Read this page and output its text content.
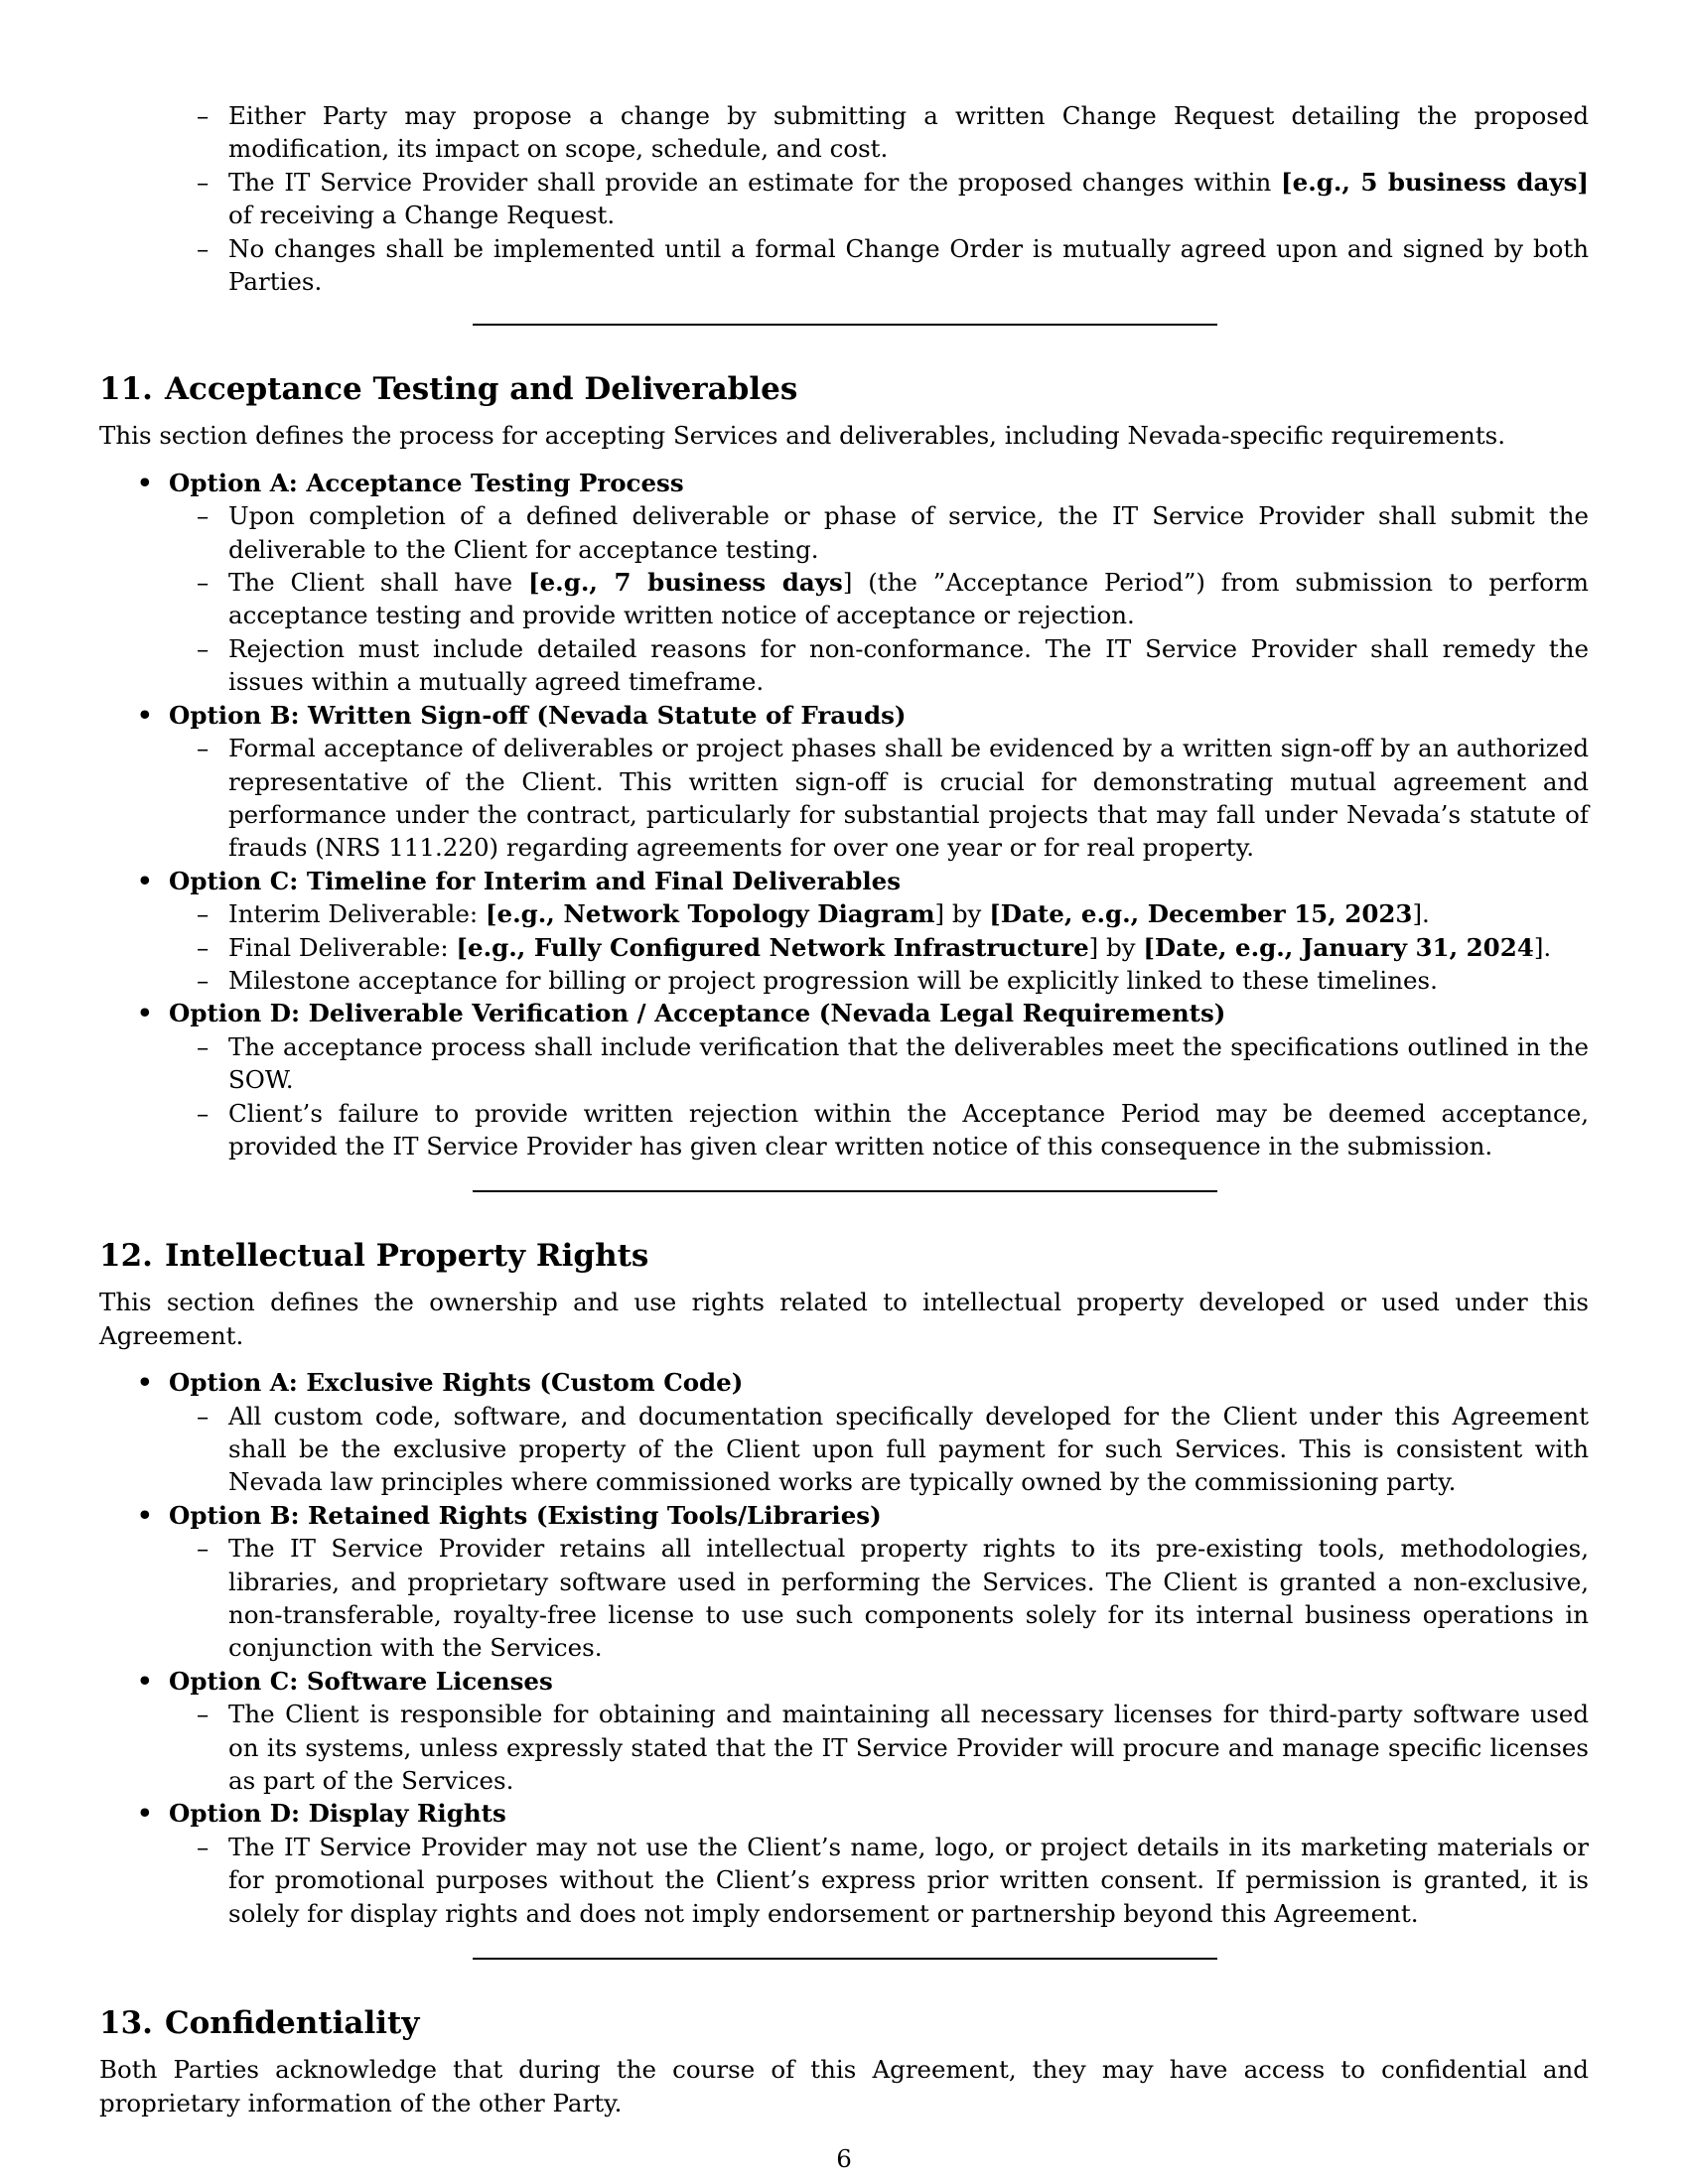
– Either Party may propose a change by submitting a written Change Request detailing the proposed modification, its impact on scope, schedule, and cost.
– The IT Service Provider shall provide an estimate for the proposed changes within [e.g., 5 business days] of receiving a Change Request.
– No changes shall be implemented until a formal Change Order is mutually agreed upon and signed by both Parties.
11. Acceptance Testing and Deliverables
This section defines the process for accepting Services and deliverables, including Nevada-specific requirements.
• Option A: Acceptance Testing Process
– Upon completion of a defined deliverable or phase of service, the IT Service Provider shall submit the deliverable to the Client for acceptance testing.
– The Client shall have [e.g., 7 business days] (the ”Acceptance Period”) from submission to perform acceptance testing and provide written notice of acceptance or rejection.
– Rejection must include detailed reasons for non-conformance. The IT Service Provider shall remedy the issues within a mutually agreed timeframe.
• Option B: Written Sign-off (Nevada Statute of Frauds)
– Formal acceptance of deliverables or project phases shall be evidenced by a written sign-off by an authorized representative of the Client. This written sign-off is crucial for demonstrating mutual agreement and performance under the contract, particularly for substantial projects that may fall under Nevada’s statute of frauds (NRS 111.220) regarding agreements for over one year or for real property.
• Option C: Timeline for Interim and Final Deliverables
– Interim Deliverable: [e.g., Network Topology Diagram] by [Date, e.g., December 15, 2023].
– Final Deliverable: [e.g., Fully Configured Network Infrastructure] by [Date, e.g., January 31, 2024].
– Milestone acceptance for billing or project progression will be explicitly linked to these timelines.
• Option D: Deliverable Verification / Acceptance (Nevada Legal Requirements)
– The acceptance process shall include verification that the deliverables meet the specifications outlined in the SOW.
– Client’s failure to provide written rejection within the Acceptance Period may be deemed acceptance, provided the IT Service Provider has given clear written notice of this consequence in the submission.
12. Intellectual Property Rights
This section defines the ownership and use rights related to intellectual property developed or used under this Agreement.
• Option A: Exclusive Rights (Custom Code)
– All custom code, software, and documentation specifically developed for the Client under this Agreement shall be the exclusive property of the Client upon full payment for such Services. This is consistent with Nevada law principles where commissioned works are typically owned by the commissioning party.
• Option B: Retained Rights (Existing Tools/Libraries)
– The IT Service Provider retains all intellectual property rights to its pre-existing tools, methodologies, libraries, and proprietary software used in performing the Services. The Client is granted a non-exclusive, non-transferable, royalty-free license to use such components solely for its internal business operations in conjunction with the Services.
• Option C: Software Licenses
– The Client is responsible for obtaining and maintaining all necessary licenses for third-party software used on its systems, unless expressly stated that the IT Service Provider will procure and manage specific licenses as part of the Services.
• Option D: Display Rights
– The IT Service Provider may not use the Client’s name, logo, or project details in its marketing materials or for promotional purposes without the Client’s express prior written consent. If permission is granted, it is solely for display rights and does not imply endorsement or partnership beyond this Agreement.
13. Confidentiality
Both Parties acknowledge that during the course of this Agreement, they may have access to confidential and proprietary information of the other Party.
6
